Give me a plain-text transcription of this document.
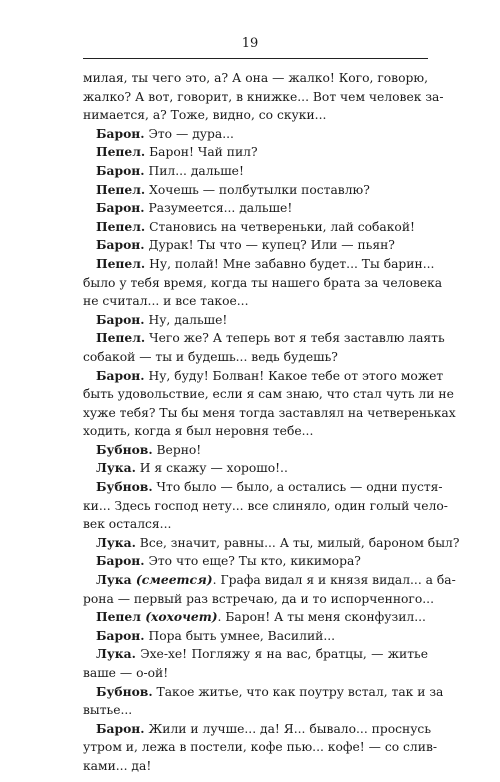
19
милая, ты чего это, а? А она — жалко! Кого, говорю,
жалко? А вот, говорит, в книжке... Вот чем человек за-
нимается, а? Тоже, видно, со скуки...
Барон. Это — дура...
Пепел. Барон! Чай пил?
Барон. Пил... дальше!
Пепел. Хочешь — полбутылки поставлю?
Барон. Разумеется... дальше!
Пепел. Становись на четвереньки, лай собакой!
Барон. Дурак! Ты что — купец? Или — пьян?
Пепел. Ну, полай! Мне забавно будет... Ты барин...
было у тебя время, когда ты нашего брата за человека
не считал... и все такое...
Барон. Ну, дальше!
Пепел. Чего же? А теперь вот я тебя заставлю лаять
собакой — ты и будешь... ведь будешь?
Барон. Ну, буду! Болван! Какое тебе от этого может
быть удовольствие, если я сам знаю, что стал чуть ли не
хуже тебя? Ты бы меня тогда заставлял на четвереньках
ходить, когда я был неровня тебе...
Бубнов. Верно!
Лука. И я скажу — хорошо!..
Бубнов. Что было — было, а остались — одни пустя-
ки... Здесь господ нету... все слиняло, один голый чело-
век остался...
Лука. Все, значит, равны... А ты, милый, бароном был?
Барон. Это что еще? Ты кто, кикимора?
Лука (смеется). Графа видал я и князя видал... а ба-
рона — первый раз встречаю, да и то испорченного...
Пепел (хохочет). Барон! А ты меня сконфузил...
Барон. Пора быть умнее, Василий...
Лука. Эхе-хе! Погляжу я на вас, братцы, — житье
ваше — о-ой!
Бубнов. Такое житье, что как поутру встал, так и за
вытье...
Барон. Жили и лучше... да! Я... бывало... проснусь
утром и, лежа в постели, кофе пью... кофе! — со слив-
ками... да!
